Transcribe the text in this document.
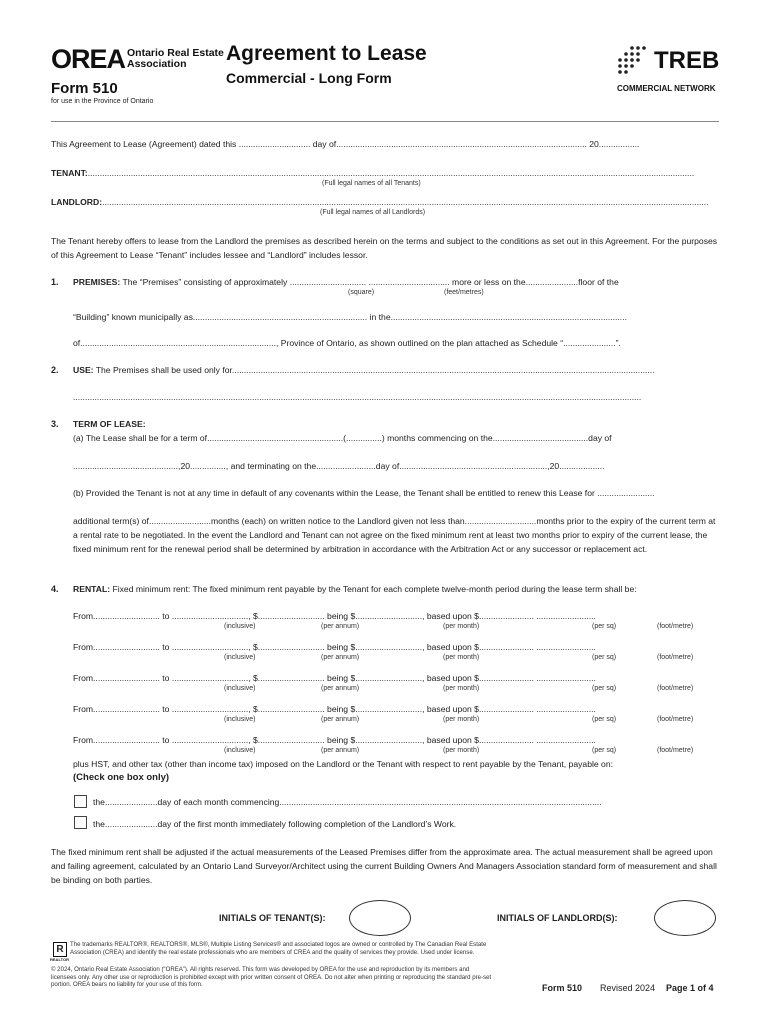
OREA Ontario Real Estate
Association
Form 510
for use in the Province of Ontario
Agreement to Lease
Commercial - Long Form
TREB
COMMERCIAL NETWORK
This Agreement to Lease (Agreement) dated this .............................. day of......................................................................................................... 20.................
TENANT:..............................................................................................................................................................................................................................................................
(Full legal names of all Tenants)
LANDLORD:..............................................................................................................................................................................................................................................................
(Full legal names of all Landlords)
The Tenant hereby offers to lease from the Landlord the premises as described herein on the terms and subject to the conditions as set out in this Agreement. For the purposes of this Agreement to Lease “Tenant” includes lessee and “Landlord” includes lessor.
1. PREMISES: The “Premises” consisting of approximately ................................ .................................. more or less on the......................floor of the
(square)	(feet/metres)
“Building” known municipally as......................................................................... in the...................................................................................................
of.................................................................................., Province of Ontario, as shown outlined on the plan attached as Schedule “......................”.
2. USE: The Premises shall be used only for.................................................................................................................................................................................
..............................................................................................................................................................................................................................................
3. TERM OF LEASE:
(a) The Lease shall be for a term of.........................................................(...............) months commencing on the........................................day of
............................................,20..............., and terminating on the.........................day of..............................................................,20...................
(b) Provided the Tenant is not at any time in default of any covenants within the Lease, the Tenant shall be entitled to renew this Lease for ........................
additional term(s) of..........................months (each) on written notice to the Landlord given not less than..............................months prior to the expiry of the current term at a rental rate to be negotiated. In the event the Landlord and Tenant can not agree on the fixed minimum rent at least two months prior to expiry of the current lease, the fixed minimum rent for the renewal period shall be determined by arbitration in accordance with the Arbitration Act or any successor or replacement act.
4. RENTAL: Fixed minimum rent: The fixed minimum rent payable by the Tenant for each complete twelve-month period during the lease term shall be:
From............................ to ................................, $............................ being $............................, based upon $....................... .........................
(inclusive)	(per annum)	(per month)	(per sq)	(foot/metre)
From............................ to ................................, $............................ being $............................, based upon $....................... .........................
(inclusive)	(per annum)	(per month)	(per sq)	(foot/metre)
From............................ to ................................, $............................ being $............................, based upon $....................... .........................
(inclusive)	(per annum)	(per month)	(per sq)	(foot/metre)
From............................ to ................................, $............................ being $............................, based upon $....................... .........................
(inclusive)	(per annum)	(per month)	(per sq)	(foot/metre)
From............................ to ................................, $............................ being $............................, based upon $....................... .........................
(inclusive)	(per annum)	(per month)	(per sq)	(foot/metre)
plus HST, and other tax (other than income tax) imposed on the Landlord or the Tenant with respect to rent payable by the Tenant, payable on:
(Check one box only)
the......................day of each month commencing.......................................................................................................................................
the......................day of the first month immediately following completion of the Landlord’s Work.
The fixed minimum rent shall be adjusted if the actual measurements of the Leased Premises differ from the approximate area. The actual measurement shall be agreed upon and failing agreement, calculated by an Ontario Land Surveyor/Architect using the current Building Owners And Managers Association standard form of measurement and shall be binding on both parties.
INITIALS OF TENANT(S):	INITIALS OF LANDLORD(S):
R
REALTOR
The trademarks REALTOR®, REALTORS®, MLS®, Multiple Listing Services® and associated logos are owned or controlled by The Canadian Real Estate Association (CREA) and identify the real estate professionals who are members of CREA and the quality of services they provide. Used under license.
© 2024, Ontario Real Estate Association (“OREA”). All rights reserved. This form was developed by OREA for the use and reproduction by its members and licensees only. Any other use or reproduction is prohibited except with prior written consent of OREA. Do not alter when printing or reproducing the standard pre-set portion. OREA bears no liability for your use of this form.	Form 510 Revised 2024 Page 1 of 4
